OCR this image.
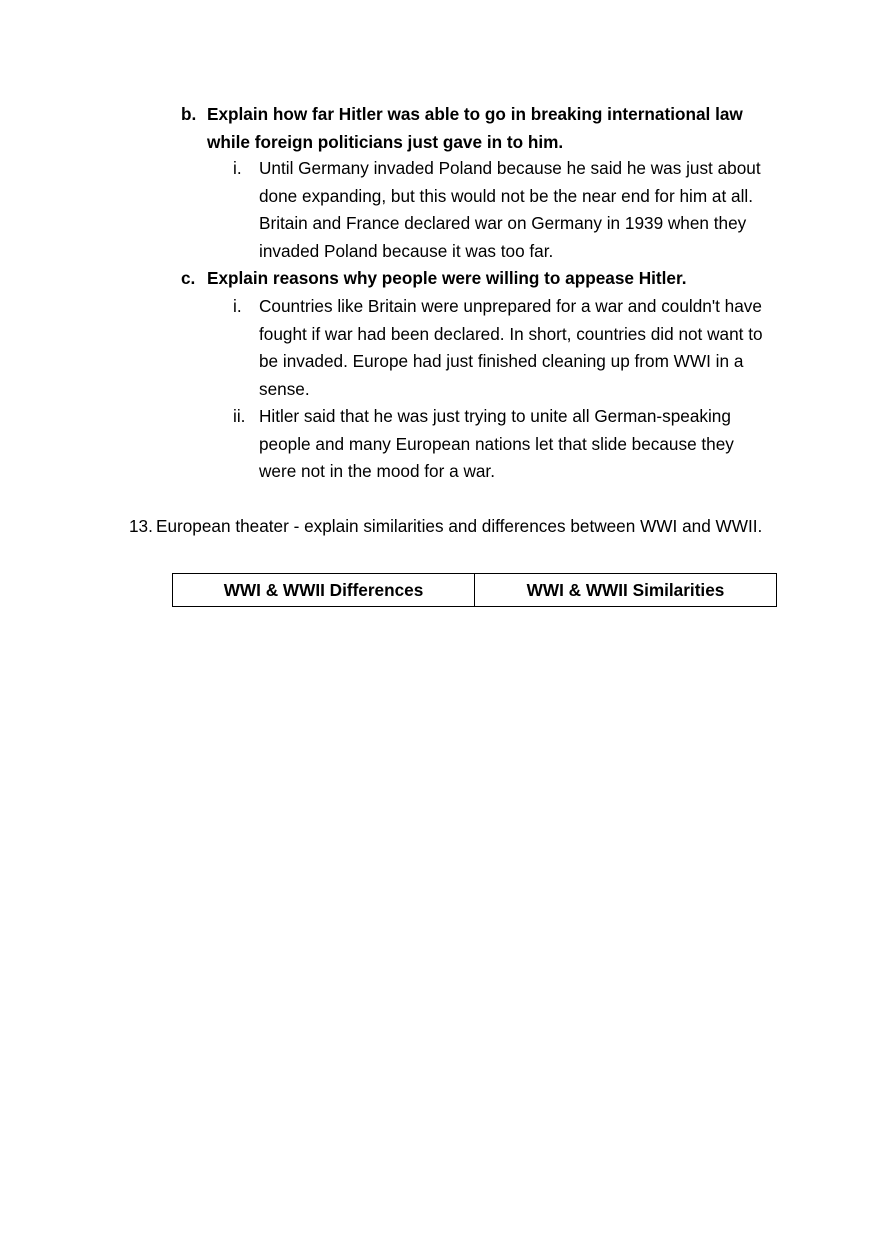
b. Explain how far Hitler was able to go in breaking international law while foreign politicians just gave in to him.

i. Until Germany invaded Poland because he said he was just about done expanding, but this would not be the near end for him at all. Britain and France declared war on Germany in 1939 when they invaded Poland because it was too far.

c. Explain reasons why people were willing to appease Hitler.

i. Countries like Britain were unprepared for a war and couldn't have fought if war had been declared. In short, countries did not want to be invaded. Europe had just finished cleaning up from WWI in a sense.

ii. Hitler said that he was just trying to unite all German-speaking people and many European nations let that slide because they were not in the mood for a war.

13. European theater - explain similarities and differences between WWI and WWII.

WWI & WWII Differences	WWI & WWII Similarities
